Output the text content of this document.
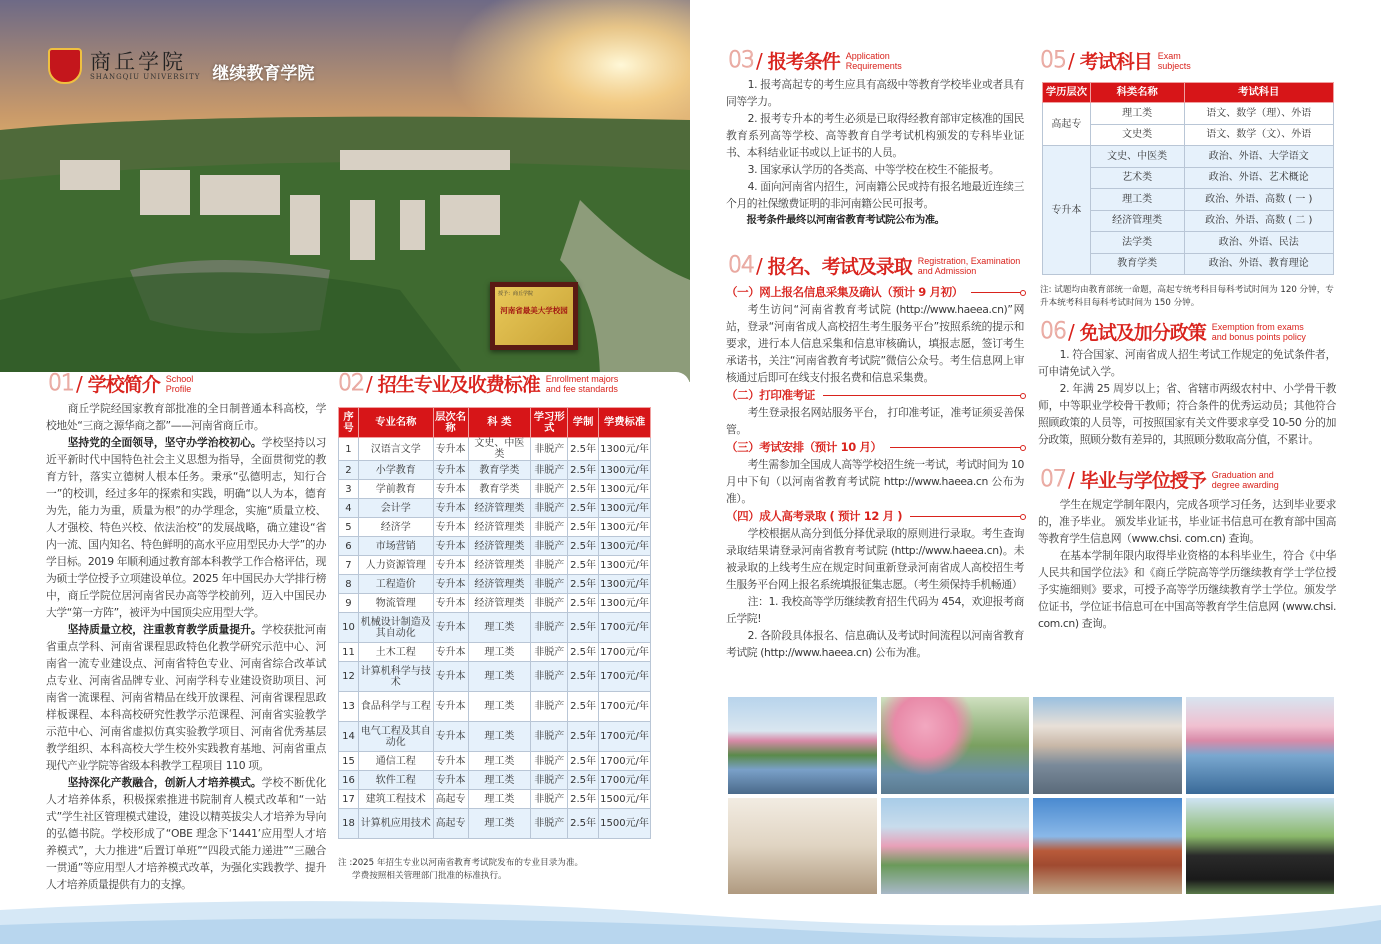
商丘学院
SHANGQIU UNIVERSITY 继续教育学院
授予：商丘学院
河南省最美大学校园
01 / 学校简介 School
Profile

商丘学院经国家教育部批准的全日制普通本科高校，学校地处“三商之源华商之都”——河南省商丘市。

坚持党的全面领导，坚守办学治校初心。学校坚持以习近平新时代中国特色社会主义思想为指导，全面贯彻党的教育方针，落实立德树人根本任务。秉承“弘德明志，知行合一”的校训，经过多年的探索和实践，明确“以人为本，德育为先，能力为重，质量为根”的办学理念，实施“质量立校、人才强校、特色兴校、依法治校”的发展战略，确立建设“省内一流、国内知名、特色鲜明的高水平应用型民办大学”的办学目标。2019 年顺利通过教育部本科教学工作合格评估，现为硕士学位授予立项建设单位。2025 年中国民办大学排行榜中，商丘学院位居河南省民办高等学校前列，迈入中国民办大学“第一方阵”，被评为中国顶尖应用型大学。

坚持质量立校，注重教育教学质量提升。学校获批河南省重点学科、河南省课程思政特色化教学研究示范中心、河南省一流专业建设点、河南省特色专业、河南省综合改革试点专业、河南省品牌专业、河南学科专业建设资助项目、河南省一流课程、河南省精品在线开放课程、河南省课程思政样板课程、本科高校研究性教学示范课程、河南省实验教学示范中心、河南省虚拟仿真实验教学项目、河南省优秀基层教学组织、本科高校大学生校外实践教育基地、河南省重点现代产业学院等省级本科教学工程项目 110 项。

坚持深化产教融合，创新人才培养模式。学校不断优化人才培养体系，积极探索推进书院制育人模式改革和“一站式”学生社区管理模式建设，建设以精英拔尖人才培养为导向的弘德书院。学校形成了“OBE 理念下‘1441’应用型人才培养模式”，大力推进“后置订单班”“四段式能力递进”“三融合一贯通”等应用型人才培养模式改革，为强化实践教学、提升人才培养质量提供有力的支撑。

02 / 招生专业及收费标准 Enrollment majors
and fee standards
序号	专业名称	层次名称	科 类	学习形式	学制	学费标准
1	汉语言文学	专升本	文史、中医类	非脱产	2.5年	1300元/年
2	小学教育	专升本	教育学类	非脱产	2.5年	1300元/年
3	学前教育	专升本	教育学类	非脱产	2.5年	1300元/年
4	会计学	专升本	经济管理类	非脱产	2.5年	1300元/年
5	经济学	专升本	经济管理类	非脱产	2.5年	1300元/年
6	市场营销	专升本	经济管理类	非脱产	2.5年	1300元/年
7	人力资源管理	专升本	经济管理类	非脱产	2.5年	1300元/年
8	工程造价	专升本	经济管理类	非脱产	2.5年	1300元/年
9	物流管理	专升本	经济管理类	非脱产	2.5年	1300元/年
10	机械设计制造及其自动化	专升本	理工类	非脱产	2.5年	1700元/年
11	土木工程	专升本	理工类	非脱产	2.5年	1700元/年
12	计算机科学与技术	专升本	理工类	非脱产	2.5年	1700元/年
13	食品科学与工程	专升本	理工类	非脱产	2.5年	1700元/年
14	电气工程及其自动化	专升本	理工类	非脱产	2.5年	1700元/年
15	通信工程	专升本	理工类	非脱产	2.5年	1700元/年
16	软件工程	专升本	理工类	非脱产	2.5年	1700元/年
17	建筑工程技术	高起专	理工类	非脱产	2.5年	1500元/年
18	计算机应用技术	高起专	理工类	非脱产	2.5年	1500元/年
注 :2025 年招生专业以河南省教育考试院发布的专业目录为准。
学费按照相关管理部门批准的标准执行。
03 / 报考条件 Application
Requirements

1. 报考高起专的考生应具有高级中等教育学校毕业或者具有同等学力。

2. 报考专升本的考生必须是已取得经教育部审定核准的国民教育系列高等学校、高等教育自学考试机构颁发的专科毕业证书、本科结业证书或以上证书的人员。

3. 国家承认学历的各类高、中等学校在校生不能报考。

4. 面向河南省内招生，河南籍公民或持有报名地最近连续三个月的社保缴费证明的非河南籍公民可报考。

报考条件最终以河南省教育考试院公布为准。

04 / 报名、考试及录取 Registration, Examination
and Admission
（一）网上报名信息采集及确认（预计 9 月初）

考生访问“河南省教育考试院 (http://www.haeea.cn)”网站，登录“河南省成人高校招生考生服务平台”按照系统的提示和要求，进行本人信息采集和信息审核确认，填报志愿，签订考生承诺书，关注“河南省教育考试院”微信公众号。考生信息网上审核通过后即可在线支付报名费和信息采集费。

（二）打印准考证

考生登录报名网站服务平台， 打印准考证，准考证须妥善保管。

（三）考试安排（预计 10 月）

考生需参加全国成人高等学校招生统一考试，考试时间为 10 月中下旬（以河南省教育考试院 http://www.haeea.cn 公布为准）。

（四）成人高考录取 ( 预计 12 月 )

学校根据从高分到低分择优录取的原则进行录取。考生查询录取结果请登录河南省教育考试院 (http://www.haeea.cn)。未被录取的上线考生应在规定时间重新登录河南省成人高校招生考生服务平台网上报名系统填报征集志愿。（考生须保持手机畅通）

注：1. 我校高等学历继续教育招生代码为 454，欢迎报考商丘学院!

2. 各阶段具体报名、信息确认及考试时间流程以河南省教育考试院 (http://www.haeea.cn) 公布为准。

05 / 考试科目 Exam
subjects
学历层次	科类名称	考试科目
高起专	理工类	语文、数学（理）、外语
	文史类	语文、数学（文）、外语
专升本	文史、中医类	政治、外语、大学语文
	艺术类	政治、外语、艺术概论
	理工类	政治、外语、高数 ( 一 )
	经济管理类	政治、外语、高数 ( 二 )
	法学类	政治、外语、民法
	教育学类	政治、外语、教育理论
注: 试题均由教育部统一命题，高起专统考科目每科考试时间为 120 分钟，专升本统考科目每科考试时间为 150 分钟。
06 / 免试及加分政策 Exemption from exams
and bonus points policy

1. 符合国家、河南省成人招生考试工作规定的免试条件者，可申请免试入学。

2. 年满 25 周岁以上；省、省辖市两级农村中、小学骨干教师，中等职业学校骨干教师；符合条件的优秀运动员；其他符合照顾政策的人员等，可按照国家有关文件要求享受 10-50 分的加分政策，照顾分数有差异的，其照顾分数取高分值，不累计。

07 / 毕业与学位授予 Graduation and
degree awarding

学生在规定学制年限内，完成各项学习任务，达到毕业要求的，准予毕业。 颁发毕业证书，毕业证书信息可在教育部中国高等教育学生信息网（www.chsi. com.cn) 查询。

在基本学制年限内取得毕业资格的本科毕业生，符合《中华人民共和国学位法》和《商丘学院高等学历继续教育学士学位授予实施细则》要求，可授予高等学历继续教育学士学位。颁发学位证书，学位证书信息可在中国高等教育学生信息网 (www.chsi. com.cn) 查询。
